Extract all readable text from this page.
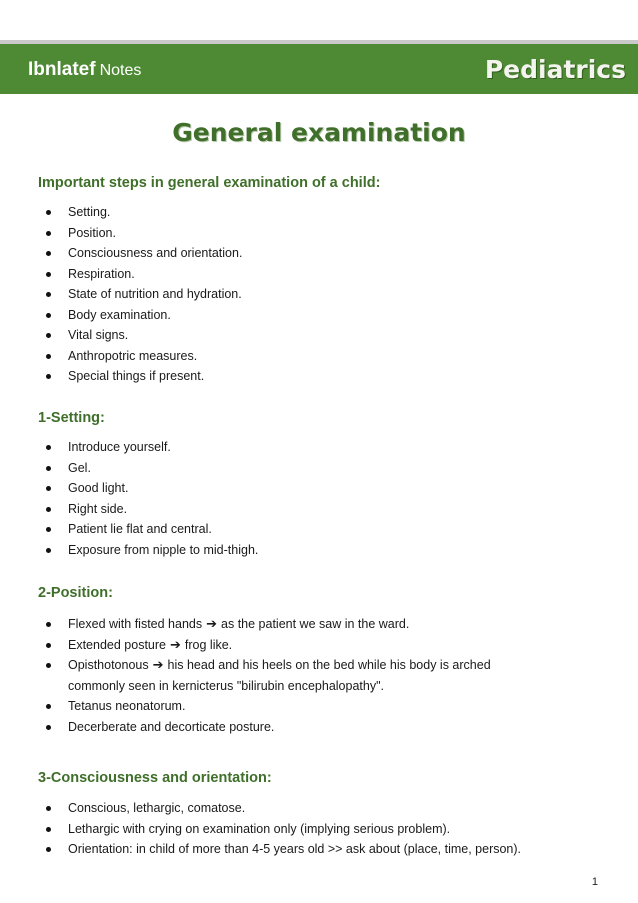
Ibnlatef Notes	Pediatrics
General examination
Important steps in general examination of a child:
Setting.
Position.
Consciousness and orientation.
Respiration.
State of nutrition and hydration.
Body examination.
Vital signs.
Anthropotric measures.
Special things if present.
1-Setting:
Introduce yourself.
Gel.
Good light.
Right side.
Patient lie flat and central.
Exposure from nipple to mid-thigh.
2-Position:
Flexed with fisted hands ➔ as the patient we saw in the ward.
Extended posture ➔ frog like.
Opisthotonous ➔ his head and his heels on the bed while his body is arched
commonly seen in kernicterus "bilirubin encephalopathy".
Tetanus neonatorum.
Decerberate and decorticate posture.
3-Consciousness and orientation:
Conscious, lethargic, comatose.
Lethargic with crying on examination only (implying serious problem).
Orientation: in child of more than 4-5 years old >> ask about (place, time, person).
1
